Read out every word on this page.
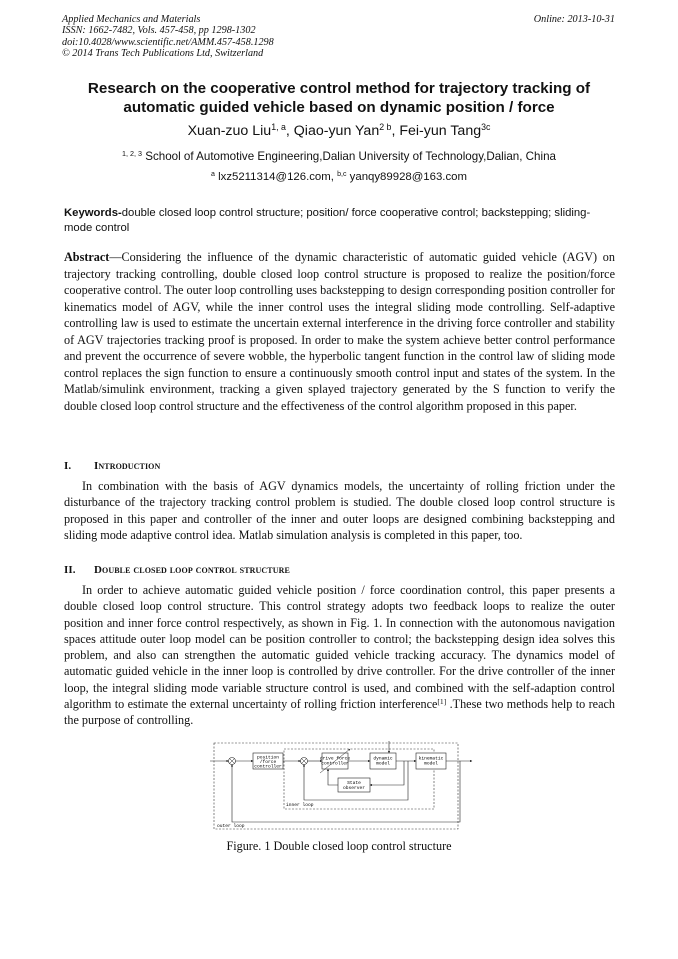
Applied Mechanics and Materials
ISSN: 1662-7482, Vols. 457-458, pp 1298-1302
doi:10.4028/www.scientific.net/AMM.457-458.1298
© 2014 Trans Tech Publications Ltd, Switzerland
Online: 2013-10-31
Research on the cooperative control method for trajectory tracking of
automatic guided vehicle based on dynamic position / force
Xuan-zuo Liu$^{1, a}$, Qiao-yun Yan$^{2 b}$, Fei-yun Tang$^{3c}$
$^{1, 2, 3}$ School of Automotive Engineering,Dalian University of Technology,Dalian, China
$^a$ lxz5211314@126.com, $^{b,c}$ yanqy89928@163.com
Keywords-double closed loop control structure; position/ force cooperative control; backstepping; sliding-mode control
Abstract—Considering the influence of the dynamic characteristic of automatic guided vehicle (AGV) on trajectory tracking controlling, double closed loop control structure is proposed to realize the position/force cooperative control. The outer loop controlling uses backstepping to design corresponding position controller for kinematics model of AGV, while the inner control uses the integral sliding mode controlling. Self-adaptive controlling law is used to estimate the uncertain external interference in the driving force controller and stability of AGV trajectories tracking proof is proposed. In order to make the system achieve better control performance and prevent the occurrence of severe wobble, the hyperbolic tangent function in the control law of sliding mode control replaces the sign function to ensure a continuously smooth control input and states of the system. In the Matlab/simulink environment, tracking a given splayed trajectory generated by the S function to verify the double closed loop control structure and the effectiveness of the control algorithm proposed in this paper.
I. Introduction
In combination with the basis of AGV dynamics models, the uncertainty of rolling friction under the disturbance of the trajectory tracking control problem is studied. The double closed loop control structure is proposed in this paper and controller of the inner and outer loops are designed combining backstepping and sliding mode adaptive control idea. Matlab simulation analysis is completed in this paper, too.
II. Double closed loop control structure
In order to achieve automatic guided vehicle position / force coordination control, this paper presents a double closed loop control structure. This control strategy adopts two feedback loops to realize the outer position and inner force control respectively, as shown in Fig. 1. In connection with the autonomous navigation spaces attitude outer loop model can be position controller to control; the backstepping design idea solves this problem, and also can strengthen the automatic guided vehicle tracking accuracy. The dynamics model of automatic guided vehicle in the inner loop is controlled by drive controller. For the drive controller of the inner loop, the integral sliding mode variable structure control is used, and combined with the self-adaption control algorithm to estimate the external uncertainty of rolling friction interference[1] .These two methods help to reach the purpose of controlling.
position
/force
controller
drive force
controller
dynamic
model
kinematic
model
State
observer
inner loop
outer loop
Figure. 1 Double closed loop control structure
